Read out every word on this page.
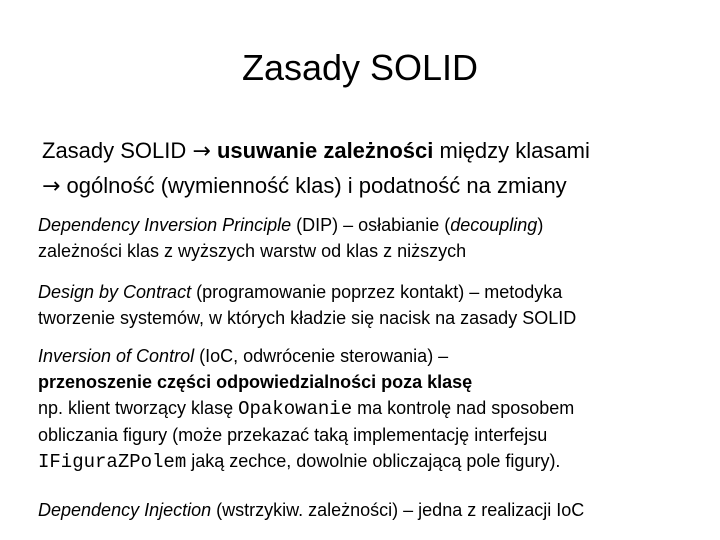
Zasady SOLID
Zasady SOLID → usuwanie zależności między klasami
→ ogólność (wymienność klas) i podatność na zmiany
Dependency Inversion Principle (DIP) – osłabianie (decoupling)
zależności klas z wyższych warstw od klas z niższych
Design by Contract (programowanie poprzez kontakt) – metodyka
tworzenie systemów, w których kładzie się nacisk na zasady SOLID
Inversion of Control (IoC, odwrócenie sterowania) –
przenoszenie części odpowiedzialności poza klasę
np. klient tworzący klasę Opakowanie ma kontrolę nad sposobem
obliczania figury (może przekazać taką implementację interfejsu
IFiguraZPolem jaką zechce, dowolnie obliczającą pole figury).
Dependency Injection (wstrzykiw. zależności) – jedna z realizacji IoC
